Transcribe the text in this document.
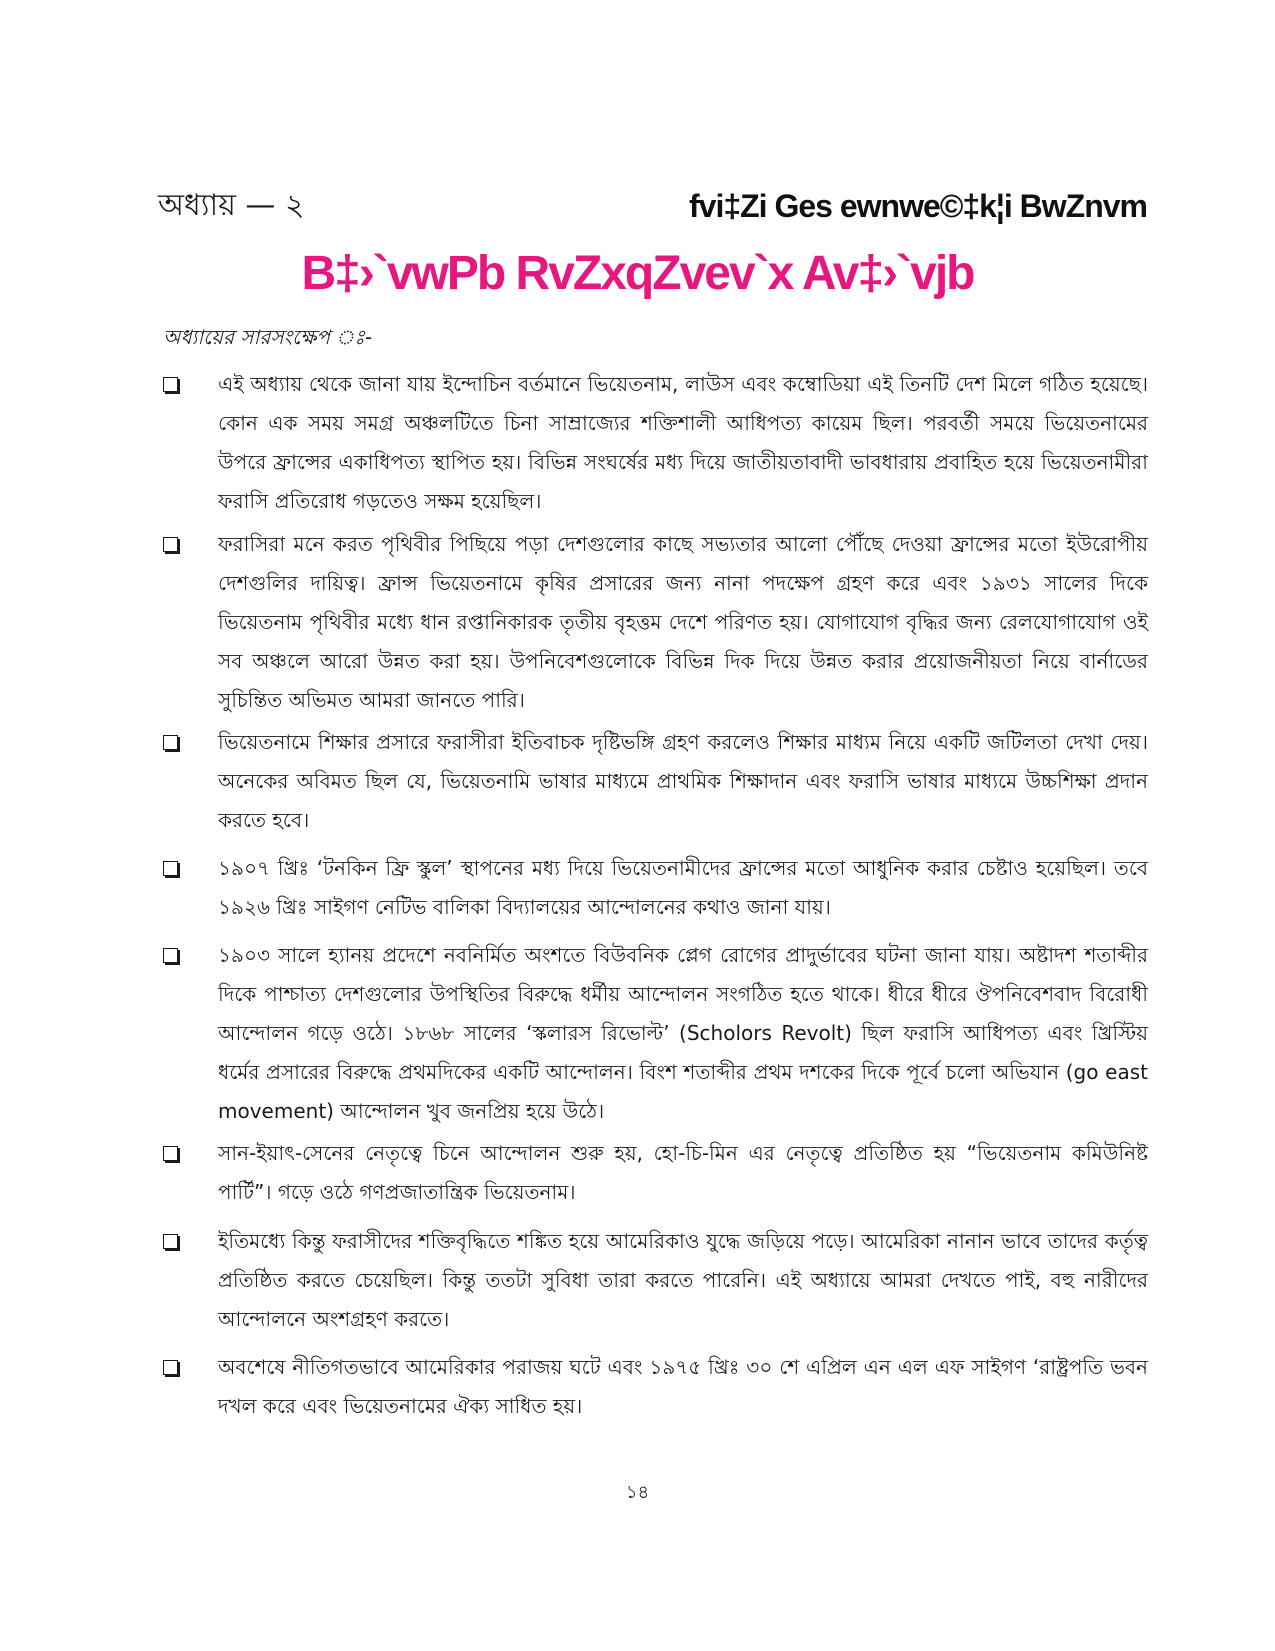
অধ্যায় — ২	fvi‡Zi Ges ewnwe©‡k¦i BwZnvm
B‡›`vwPb RvZxqZvev`x Av‡›`vjb
অধ্যায়ের সারসংক্ষেপ ঃ-
এই অধ্যায় থেকে জানা যায় ইন্দোচিন বর্তমানে ভিয়েতনাম, লাউস এবং কম্বোডিয়া এই তিনটি দেশ মিলে গঠিত হয়েছে। কোন এক সময় সমগ্র অঞ্চলটিতে চিনা সাম্রাজ্যের শক্তিশালী আধিপত্য কায়েম ছিল। পরবর্তী সময়ে ভিয়েতনামের উপরে ফ্রান্সের একাধিপত্য স্থাপিত হয়। বিভিন্ন সংঘর্ষের মধ্য দিয়ে জাতীয়তাবাদী ভাবধারায় প্রবাহিত হয়ে ভিয়েতনামীরা ফরাসি প্রতিরোধ গড়তেও সক্ষম হয়েছিল।
ফরাসিরা মনে করত পৃথিবীর পিছিয়ে পড়া দেশগুলোর কাছে সভ্যতার আলো পৌঁছে দেওয়া ফ্রান্সের মতো ইউরোপীয় দেশগুলির দায়িত্ব। ফ্রান্স ভিয়েতনামে কৃষির প্রসারের জন্য নানা পদক্ষেপ গ্রহণ করে এবং ১৯৩১ সালের দিকে ভিয়েতনাম পৃথিবীর মধ্যে ধান রপ্তানিকারক তৃতীয় বৃহত্তম দেশে পরিণত হয়। যোগাযোগ বৃদ্ধির জন্য রেলযোগাযোগ ওই সব অঞ্চলে আরো উন্নত করা হয়। উপনিবেশগুলোকে বিভিন্ন দিক দিয়ে উন্নত করার প্রয়োজনীয়তা নিয়ে বার্নাডের সুচিন্তিত অভিমত আমরা জানতে পারি।
ভিয়েতনামে শিক্ষার প্রসারে ফরাসীরা ইতিবাচক দৃষ্টিভঙ্গি গ্রহণ করলেও শিক্ষার মাধ্যম নিয়ে একটি জটিলতা দেখা দেয়। অনেকের অবিমত ছিল যে, ভিয়েতনামি ভাষার মাধ্যমে প্রাথমিক শিক্ষাদান এবং ফরাসি ভাষার মাধ্যমে উচ্চশিক্ষা প্রদান করতে হবে।
১৯০৭ খ্রিঃ ‘টনকিন ফ্রি স্কুল’ স্থাপনের মধ্য দিয়ে ভিয়েতনামীদের ফ্রান্সের মতো আধুনিক করার চেষ্টাও হয়েছিল। তবে ১৯২৬ খ্রিঃ সাইগণ নেটিভ বালিকা বিদ্যালয়ের আন্দোলনের কথাও জানা যায়।
১৯০৩ সালে হ্যানয় প্রদেশে নবনির্মিত অংশতে বিউবনিক প্লেগ রোগের প্রাদুর্ভাবের ঘটনা জানা যায়। অষ্টাদশ শতাব্দীর দিকে পাশ্চাত্য দেশগুলোর উপস্থিতির বিরুদ্ধে ধর্মীয় আন্দোলন সংগঠিত হতে থাকে। ধীরে ধীরে ঔপনিবেশবাদ বিরোধী আন্দোলন গড়ে ওঠে। ১৮৬৮ সালের ‘স্কলারস রিভোল্ট’ (Scholors Revolt) ছিল ফরাসি আধিপত্য এবং খ্রিস্টিয় ধর্মের প্রসারের বিরুদ্ধে প্রথমদিকের একটি আন্দোলন। বিংশ শতাব্দীর প্রথম দশকের দিকে পূর্বে চলো অভিযান (go east movement) আন্দোলন খুব জনপ্রিয় হয়ে উঠে।
সান-ইয়াৎ-সেনের নেতৃত্বে চিনে আন্দোলন শুরু হয়, হো-চি-মিন এর নেতৃত্বে প্রতিষ্ঠিত হয় “ভিয়েতনাম কমিউনিষ্ট পার্টি”। গড়ে ওঠে গণপ্রজাতান্ত্রিক ভিয়েতনাম।
ইতিমধ্যে কিন্তু ফরাসীদের শক্তিবৃদ্ধিতে শঙ্কিত হয়ে আমেরিকাও যুদ্ধে জড়িয়ে পড়ে। আমেরিকা নানান ভাবে তাদের কর্তৃত্ব প্রতিষ্ঠিত করতে চেয়েছিল। কিন্তু ততটা সুবিধা তারা করতে পারেনি। এই অধ্যায়ে আমরা দেখতে পাই, বহু নারীদের আন্দোলনে অংশগ্রহণ করতে।
অবশেষে নীতিগতভাবে আমেরিকার পরাজয় ঘটে এবং ১৯৭৫ খ্রিঃ ৩০ শে এপ্রিল এন এল এফ সাইগণ ‘রাষ্ট্রপতি ভবন দখল করে এবং ভিয়েতনামের ঐক্য সাধিত হয়।
১৪
